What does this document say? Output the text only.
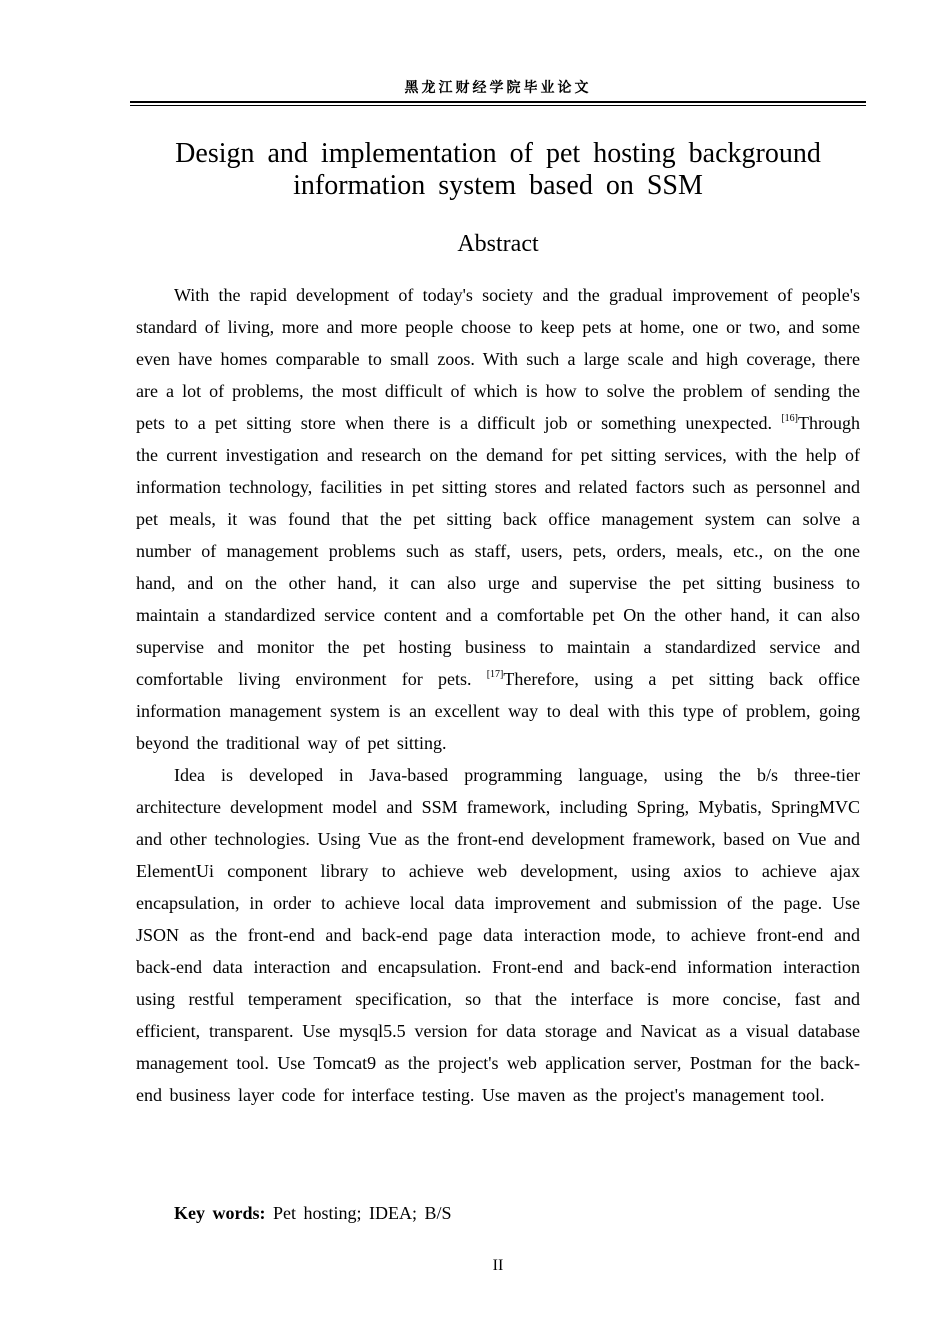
黑龙江财经学院毕业论文
Design and implementation of pet hosting background information system based on SSM
Abstract

With the rapid development of today's society and the gradual improvement of people's standard of living, more and more people choose to keep pets at home, one or two, and some even have homes comparable to small zoos. With such a large scale and high coverage, there are a lot of problems, the most difficult of which is how to solve the problem of sending the pets to a pet sitting store when there is a difficult job or something unexpected. [16]Through the current investigation and research on the demand for pet sitting services, with the help of information technology, facilities in pet sitting stores and related factors such as personnel and pet meals, it was found that the pet sitting back office management system can solve a number of management problems such as staff, users, pets, orders, meals, etc., on the one hand, and on the other hand, it can also urge and supervise the pet sitting business to maintain a standardized service content and a comfortable pet On the other hand, it can also supervise and monitor the pet hosting business to maintain a standardized service and comfortable living environment for pets. [17]Therefore, using a pet sitting back office information management system is an excellent way to deal with this type of problem, going beyond the traditional way of pet sitting.

Idea is developed in Java-based programming language, using the b/s three-tier architecture development model and SSM framework, including Spring, Mybatis, SpringMVC and other technologies. Using Vue as the front-end development framework, based on Vue and ElementUi component library to achieve web development, using axios to achieve ajax encapsulation, in order to achieve local data improvement and submission of the page. Use JSON as the front-end and back-end page data interaction mode, to achieve front-end and back-end data interaction and encapsulation. Front-end and back-end information interaction using restful temperament specification, so that the interface is more concise, fast and efficient, transparent. Use mysql5.5 version for data storage and Navicat as a visual database management tool. Use Tomcat9 as the project's web application server, Postman for the back-end business layer code for interface testing. Use maven as the project's management tool.

Key words: Pet hosting; IDEA; B/S

II
